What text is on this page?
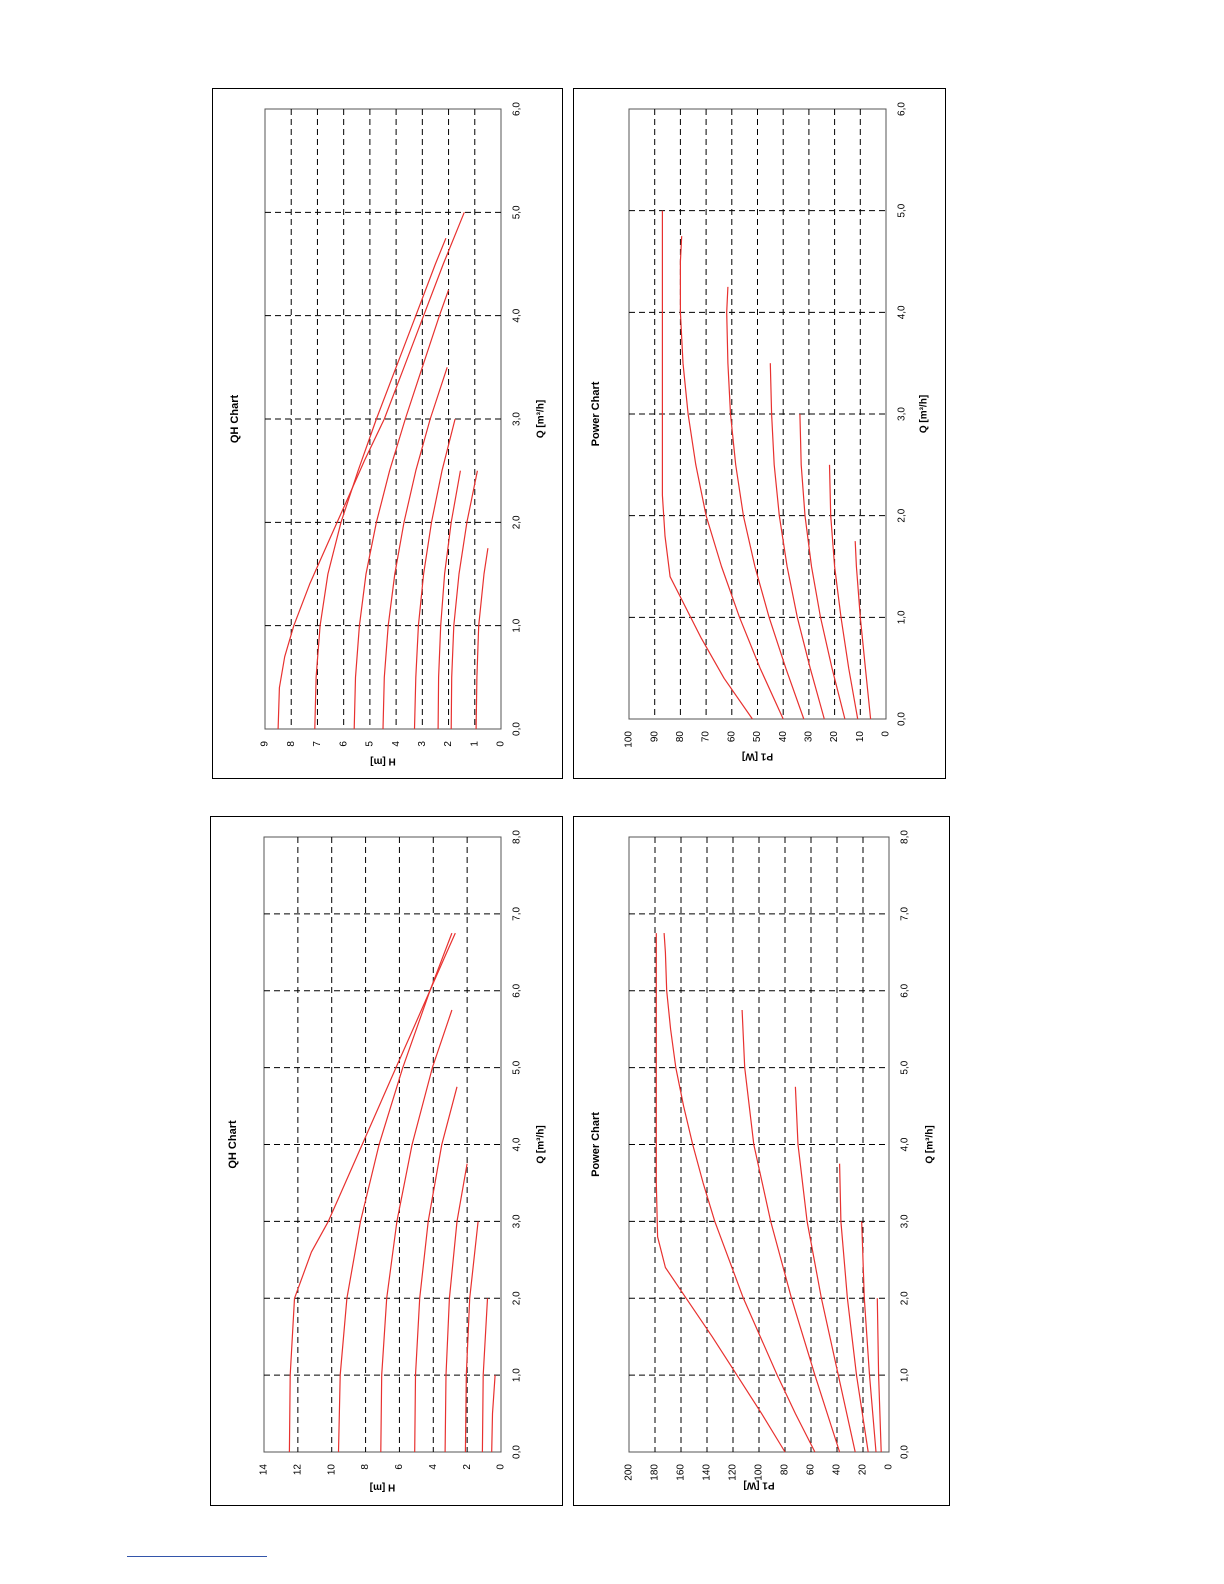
0
1
2
3
4
5
6
7
8
9
0,0
1,0
2,0
3,0
4,0
5,0
6,0
QH Chart	Q [m³/h]
H [m]
0
10
20
30
40
50
60
70
80
90
100
0,0
1,0
2,0
3,0
4,0
5,0
6,0
Power Chart	Q [m³/h]
P1 [W]
0
2
4
6
8
10
12
14
0,0
1,0
2,0
3,0
4,0
5,0
6,0
7,0
8,0
QH Chart	Q [m³/h]
H [m]
0
20
40
60
80
100
120
140
160
180
200
0,0
1,0
2,0
3,0
4,0
5,0
6,0
7,0
8,0
Power Chart	Q [m³/h]
P1 [W]
